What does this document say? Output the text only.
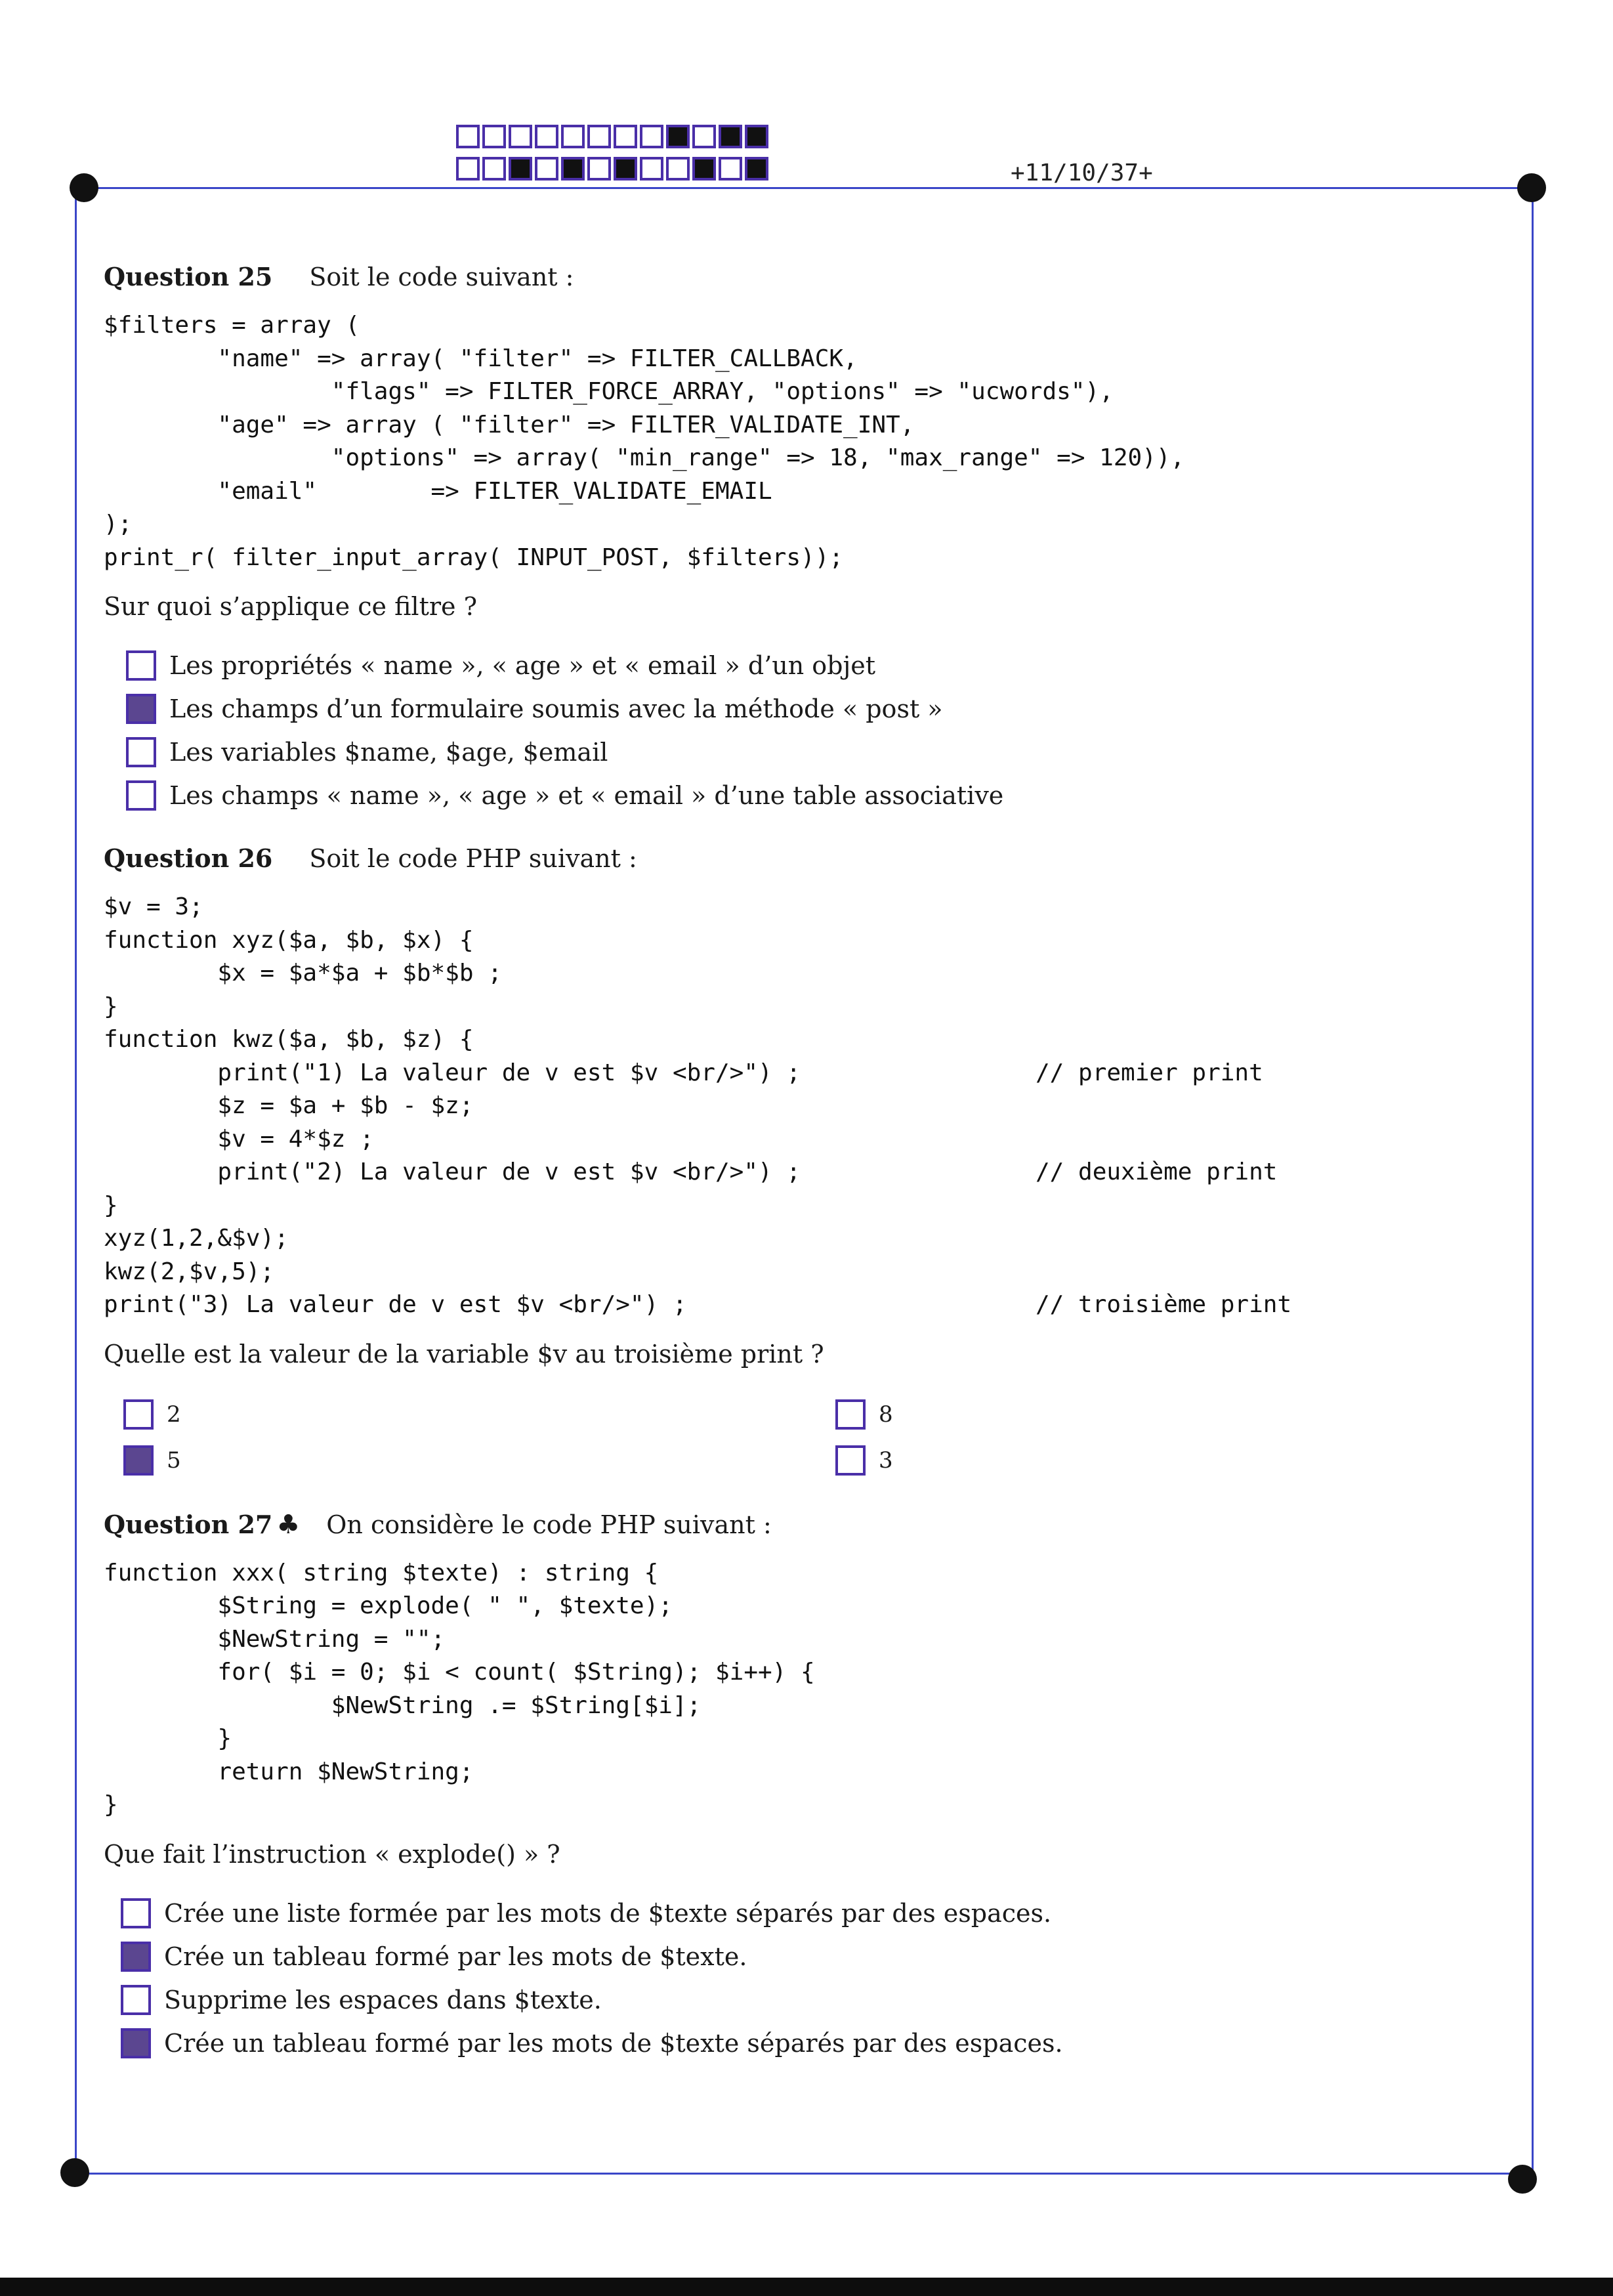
+11/10/37+
Question 25 Soit le code suivant :
$filters = array (
"name" => array( "filter" => FILTER_CALLBACK,
"flags" => FILTER_FORCE_ARRAY, "options" => "ucwords"),
"age" => array ( "filter" => FILTER_VALIDATE_INT,
"options" => array( "min_range" => 18, "max_range" => 120)),
"email"        => FILTER_VALIDATE_EMAIL
);
print_r( filter_input_array( INPUT_POST, $filters));
Sur quoi s’applique ce filtre ?
Les propriétés « name », « age » et « email » d’un objet
Les champs d’un formulaire soumis avec la méthode « post »
Les variables $name, $age, $email
Les champs « name », « age » et « email » d’une table associative
Question 26 Soit le code PHP suivant :
$v = 3;
function xyz($a, $b, $x) {
$x = $a*$a + $b*$b ;
}
function kwz($a, $b, $z) {
print("1) La valeur de v est $v <br/>") ;	// premier print

$z = $a + $b - $z;
$v = 4*$z ;
print("2) La valeur de v est $v <br/>") ;	// deuxième print

}
xyz(1,2,&$v);
kwz(2,$v,5);
print("3) La valeur de v est $v <br/>") ;	// troisième print
Quelle est la valeur de la variable $v au troisième print ?
2	8
5	3
Question 27 ♣ On considère le code PHP suivant :
function xxx( string $texte) : string {
$String = explode( " ", $texte);
$NewString = "";
for( $i = 0; $i < count( $String); $i++) {
$NewString .= $String[$i];
}
return $NewString;
}
Que fait l’instruction « explode() » ?
Crée une liste formée par les mots de $texte séparés par des espaces.
Crée un tableau formé par les mots de $texte.
Supprime les espaces dans $texte.
Crée un tableau formé par les mots de $texte séparés par des espaces.
